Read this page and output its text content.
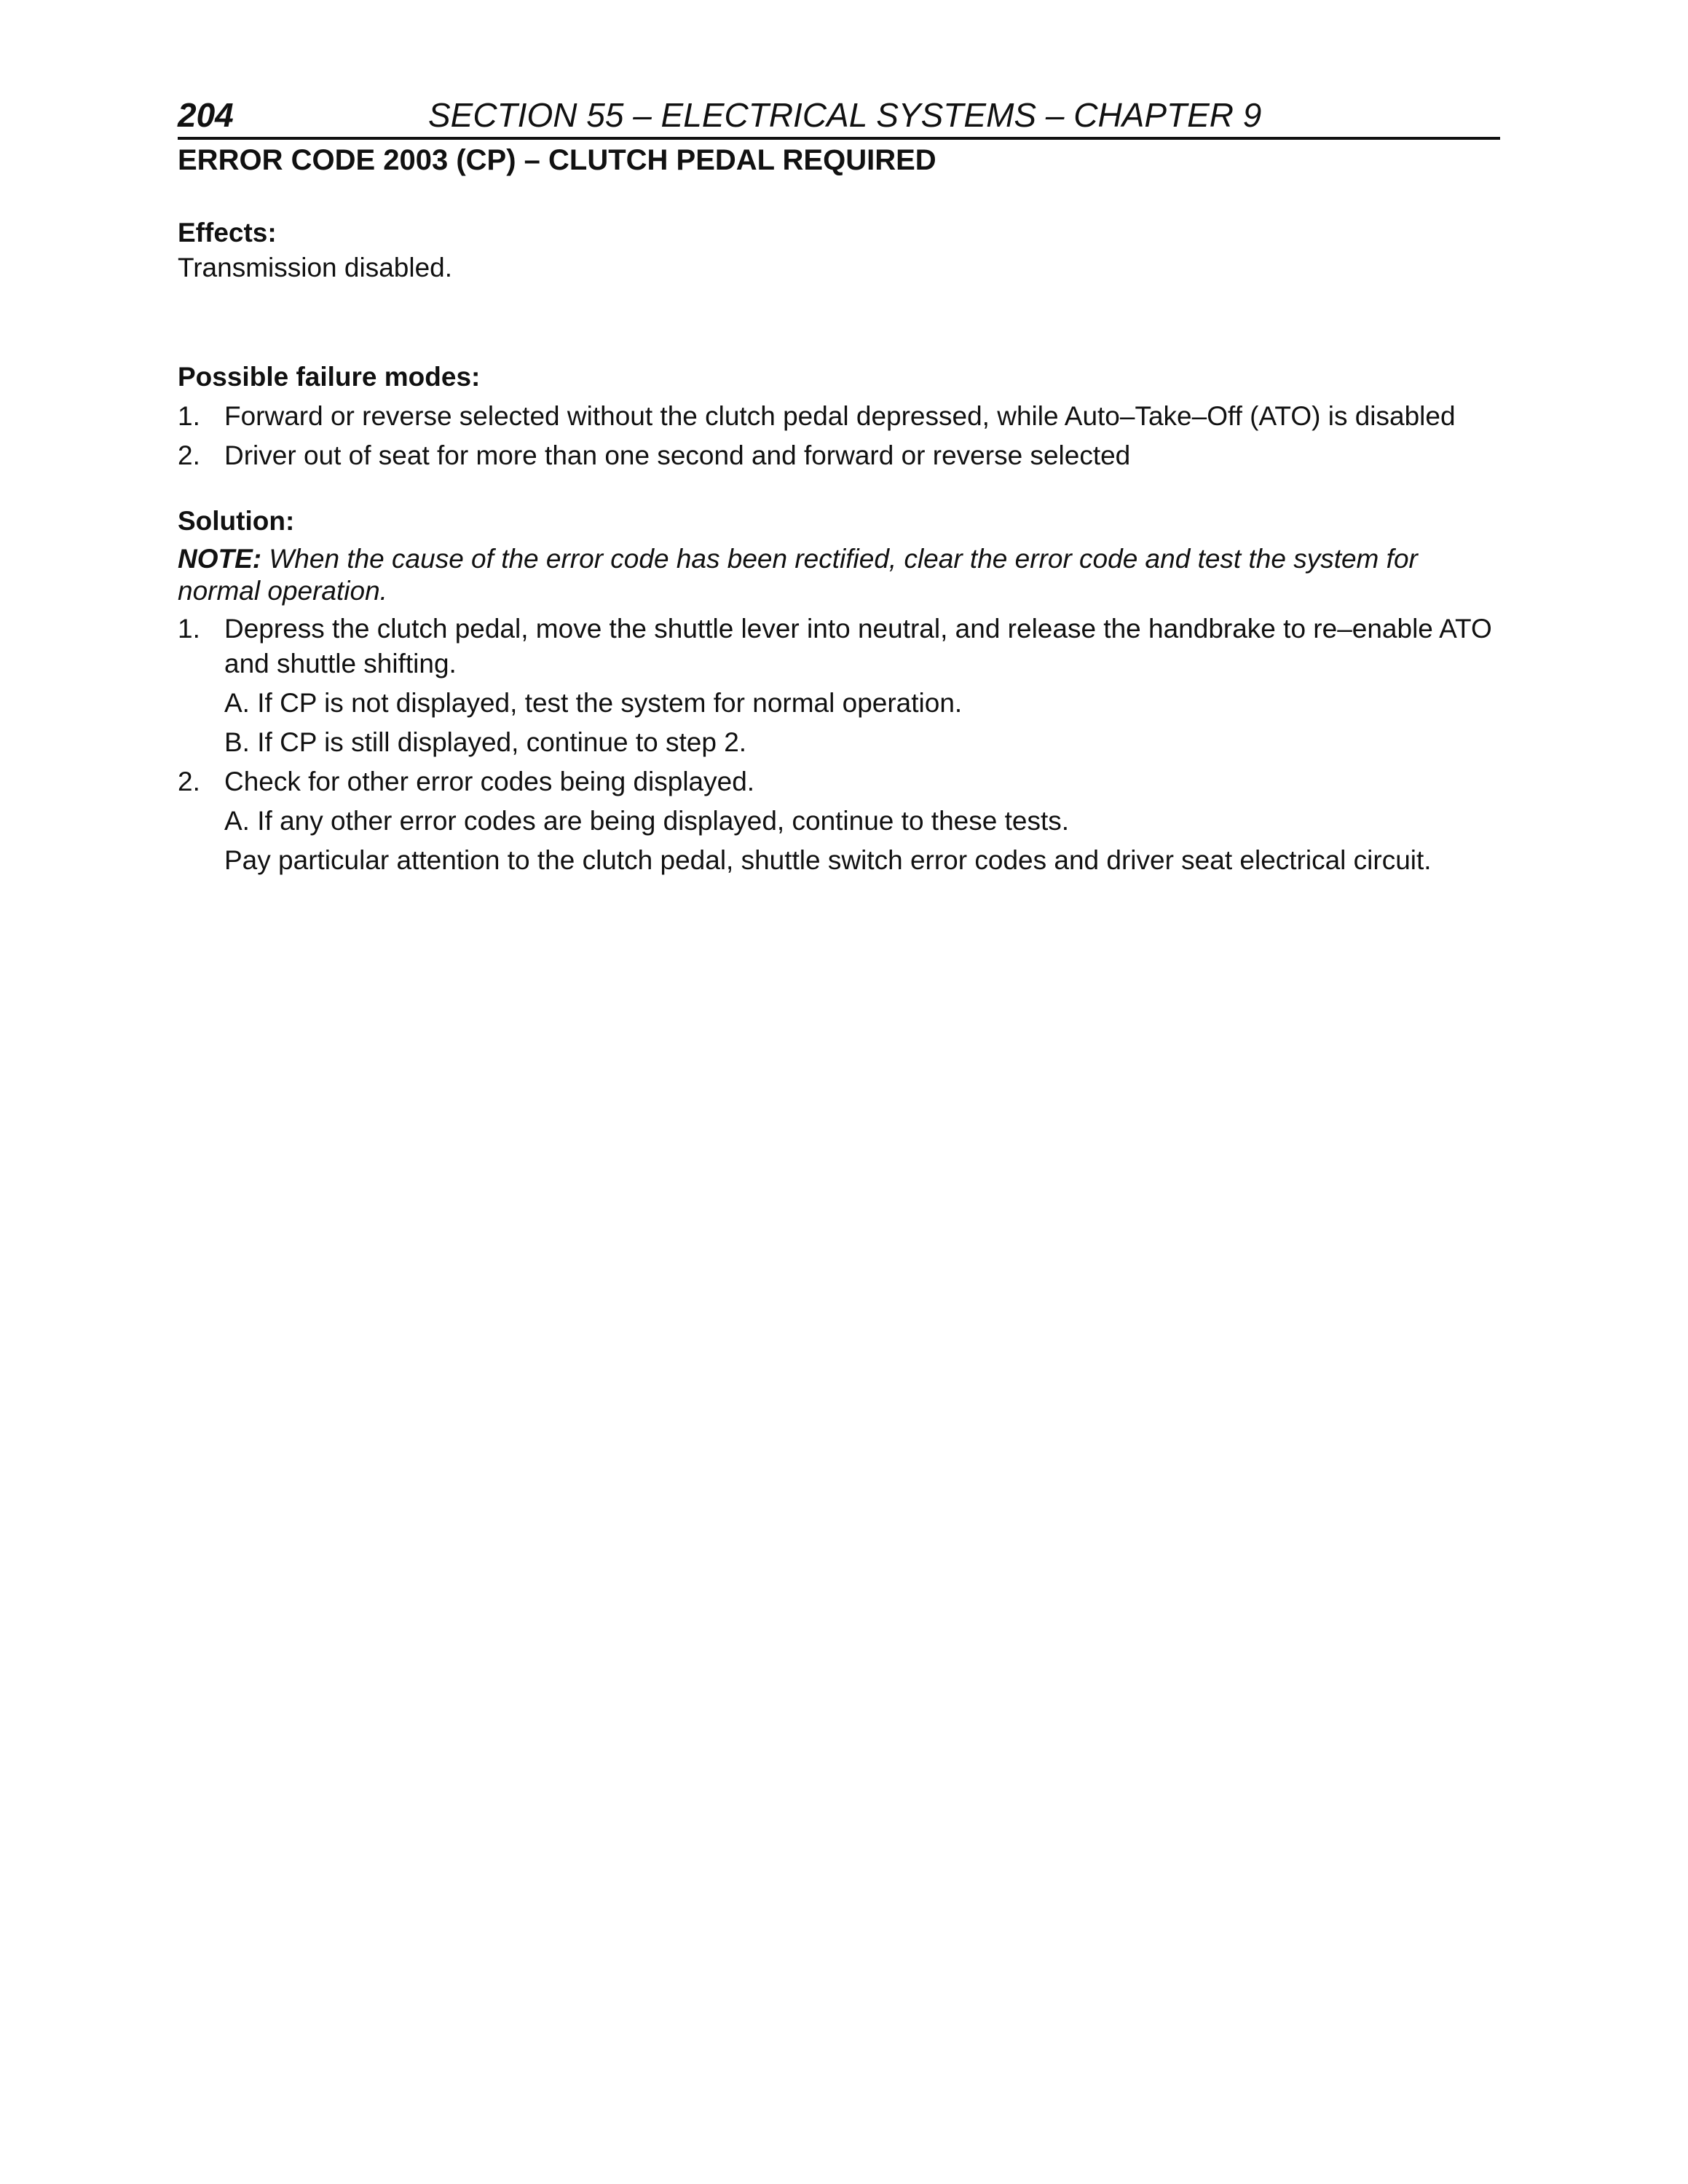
204	SECTION 55 – ELECTRICAL SYSTEMS – CHAPTER 9
ERROR CODE 2003 (CP) – CLUTCH PEDAL REQUIRED
Effects:

Transmission disabled.

Possible failure modes:
1. Forward or reverse selected without the clutch pedal depressed, while Auto–Take–Off (ATO) is disabled
2. Driver out of seat for more than one second and forward or reverse selected
Solution:

NOTE: When the cause of the error code has been rectified, clear the error code and test the system for normal operation.

1. Depress the clutch pedal, move the shuttle lever into neutral, and release the handbrake to re–enable ATO and shuttle shifting.
A. If CP is not displayed, test the system for normal operation.
B. If CP is still displayed, continue to step 2.
2. Check for other error codes being displayed.
A. If any other error codes are being displayed, continue to these tests.
Pay particular attention to the clutch pedal, shuttle switch error codes and driver seat electrical circuit.
